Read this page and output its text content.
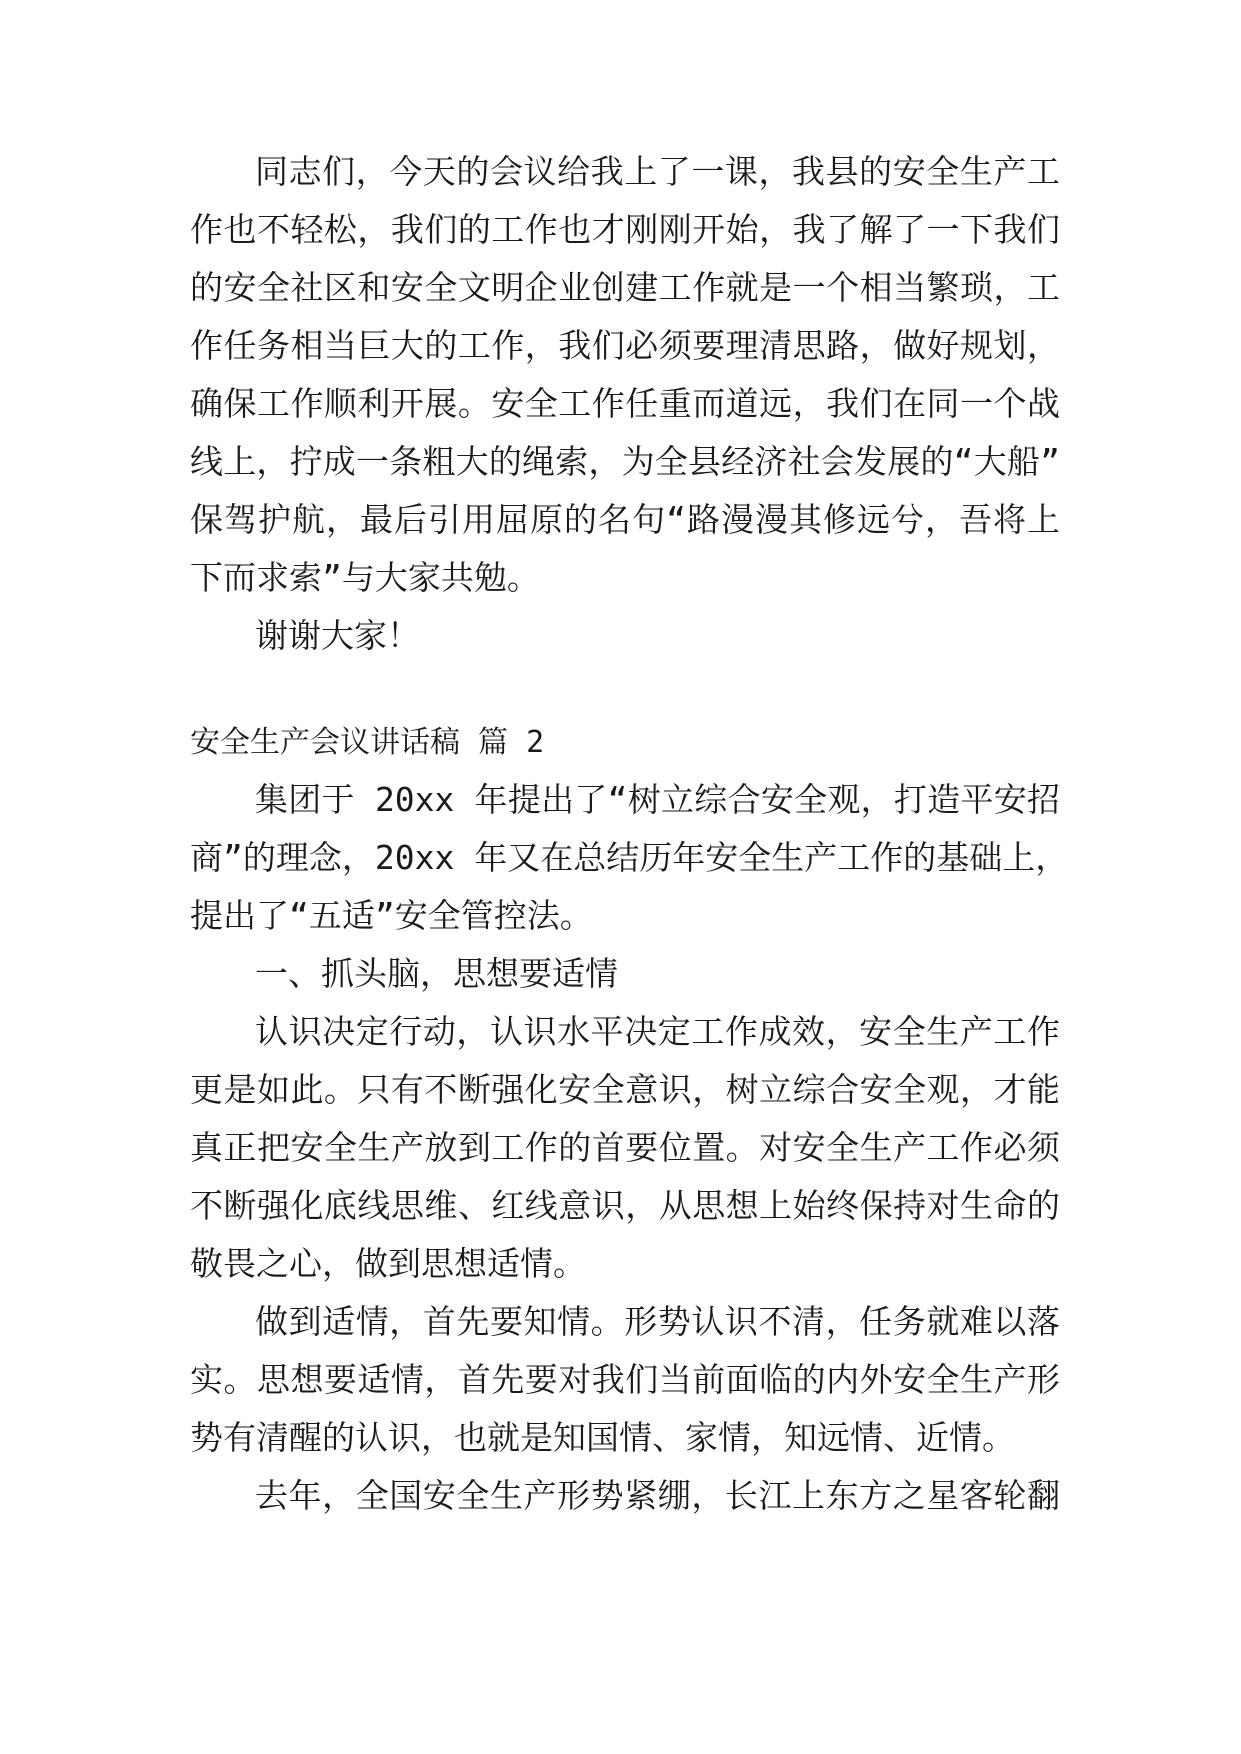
同志们，今天的会议给我上了一课，我县的安全生产工
作也不轻松，我们的工作也才刚刚开始，我了解了一下我们
的安全社区和安全文明企业创建工作就是一个相当繁琐，工
作任务相当巨大的工作，我们必须要理清思路，做好规划，
确保工作顺利开展。安全工作任重而道远，我们在同一个战
线上，拧成一条粗大的绳索，为全县经济社会发展的“大船”
保驾护航，最后引用屈原的名句“路漫漫其修远兮，吾将上
下而求索”与大家共勉。
谢谢大家！
安全生产会议讲话稿 篇 2
集团于 20xx 年提出了“树立综合安全观，打造平安招
商”的理念，20xx 年又在总结历年安全生产工作的基础上，
提出了“五适”安全管控法。
一、抓头脑，思想要适情
认识决定行动，认识水平决定工作成效，安全生产工作
更是如此。只有不断强化安全意识，树立综合安全观，才能
真正把安全生产放到工作的首要位置。对安全生产工作必须
不断强化底线思维、红线意识，从思想上始终保持对生命的
敬畏之心，做到思想适情。
做到适情，首先要知情。形势认识不清，任务就难以落
实。思想要适情，首先要对我们当前面临的内外安全生产形
势有清醒的认识，也就是知国情、家情，知远情、近情。
去年，全国安全生产形势紧绷，长江上东方之星客轮翻
